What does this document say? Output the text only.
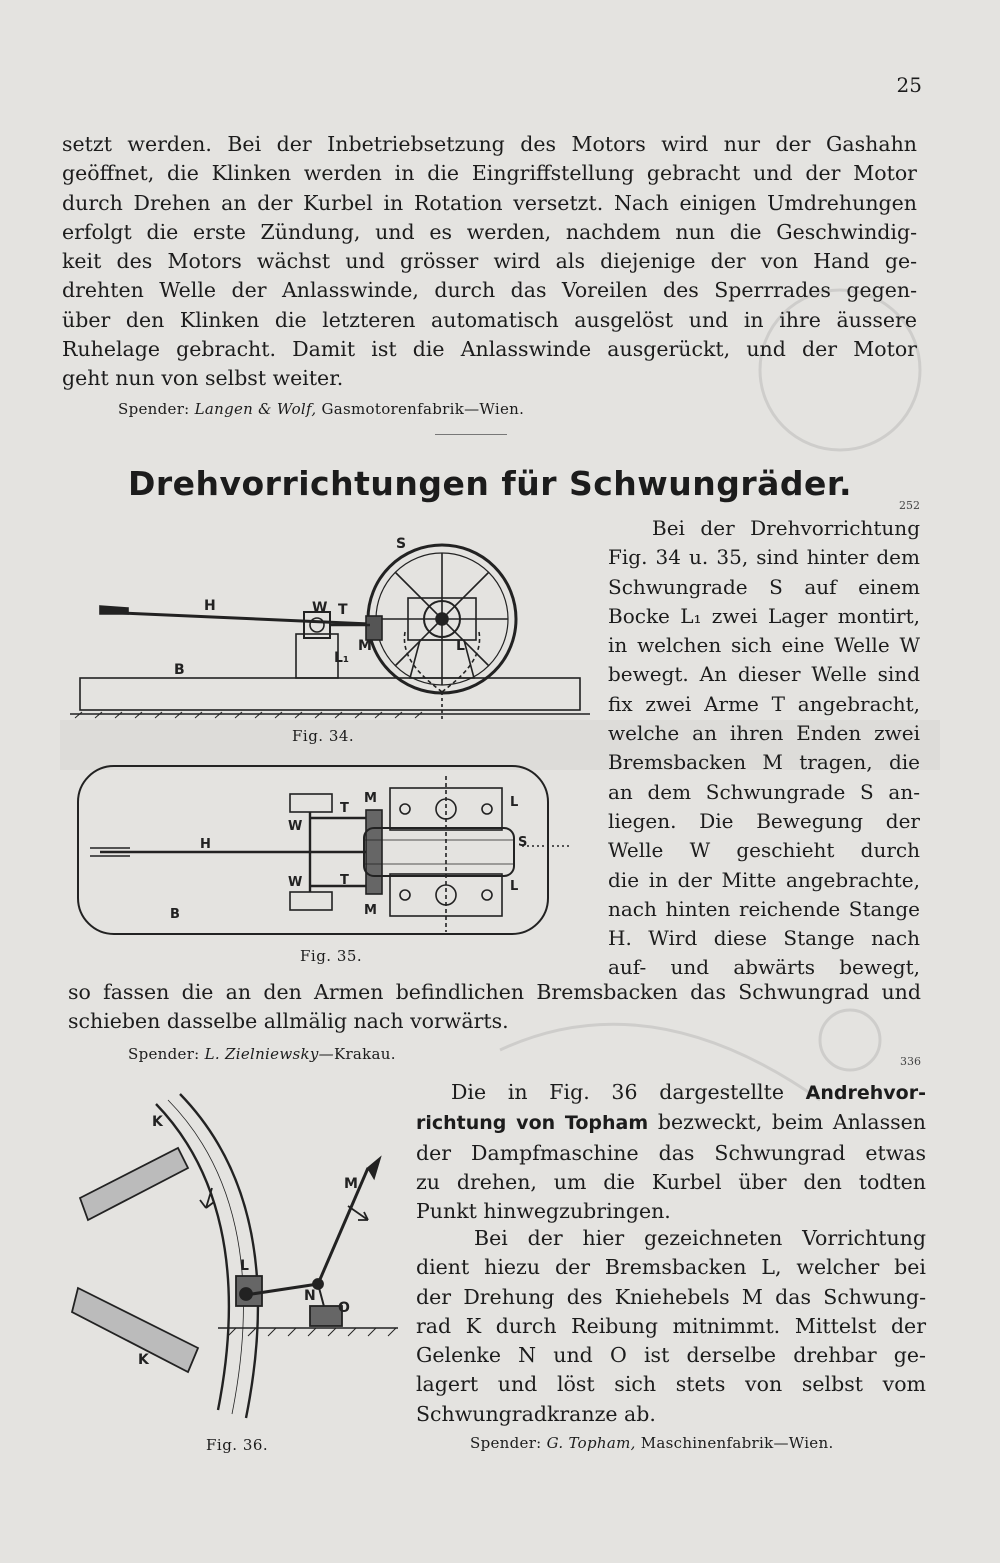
25
setzt werden. Bei der Inbetriebsetzung des Motors wird nur der Gashahn
geöffnet, die Klinken werden in die Eingriffstellung gebracht und der Motor
durch Drehen an der Kurbel in Rotation versetzt. Nach einigen Umdrehungen
erfolgt die erste Zündung, und es werden, nachdem nun die Geschwindig-
keit des Motors wächst und grösser wird als diejenige der von Hand ge-
drehten Welle der Anlasswinde, durch das Voreilen des Sperrrades gegen-
über den Klinken die letzteren automatisch ausgelöst und in ihre äussere
Ruhelage gebracht. Damit ist die Anlasswinde ausgerückt, und der Motor
geht nun von selbst weiter.
Spender: Langen & Wolf, Gasmotorenfabrik—Wien.
Drehvorrichtungen für Schwungräder.
252
Bei der Drehvorrichtung
Fig. 34 u. 35, sind hinter dem
Schwungrade S auf einem
Bocke L₁ zwei Lager montirt,
in welchen sich eine Welle W
bewegt. An dieser Welle sind
fix zwei Arme T angebracht,
welche an ihren Enden zwei
Bremsbacken M tragen, die
an dem Schwungrade S an-
liegen. Die Bewegung der
Welle W geschieht durch
die in der Mitte angebrachte,
nach hinten reichende Stange
H. Wird diese Stange nach
auf- und abwärts bewegt,
so fassen die an den Armen befindlichen Bremsbacken das Schwungrad und
schieben dasselbe allmälig nach vorwärts.
S
H	W T
M
L₁
L
B
Fig. 34.
H
W
W
T
T
M
M
S
L
L
B
Fig. 35.
Spender: L. Zielniewsky—Krakau.	336
K
K
M
L
N
O
Fig. 36.
Die in Fig. 36 dargestellte Andrehvor-
richtung von Topham bezweckt, beim Anlassen
der Dampfmaschine das Schwungrad etwas
zu drehen, um die Kurbel über den todten
Punkt hinwegzubringen.
Bei der hier gezeichneten Vorrichtung
dient hiezu der Bremsbacken L, welcher bei
der Drehung des Kniehebels M das Schwung-
rad K durch Reibung mitnimmt. Mittelst der
Gelenke N und O ist derselbe drehbar ge-
lagert und löst sich stets von selbst vom
Schwungradkranze ab.
Spender: G. Topham, Maschinenfabrik—Wien.
